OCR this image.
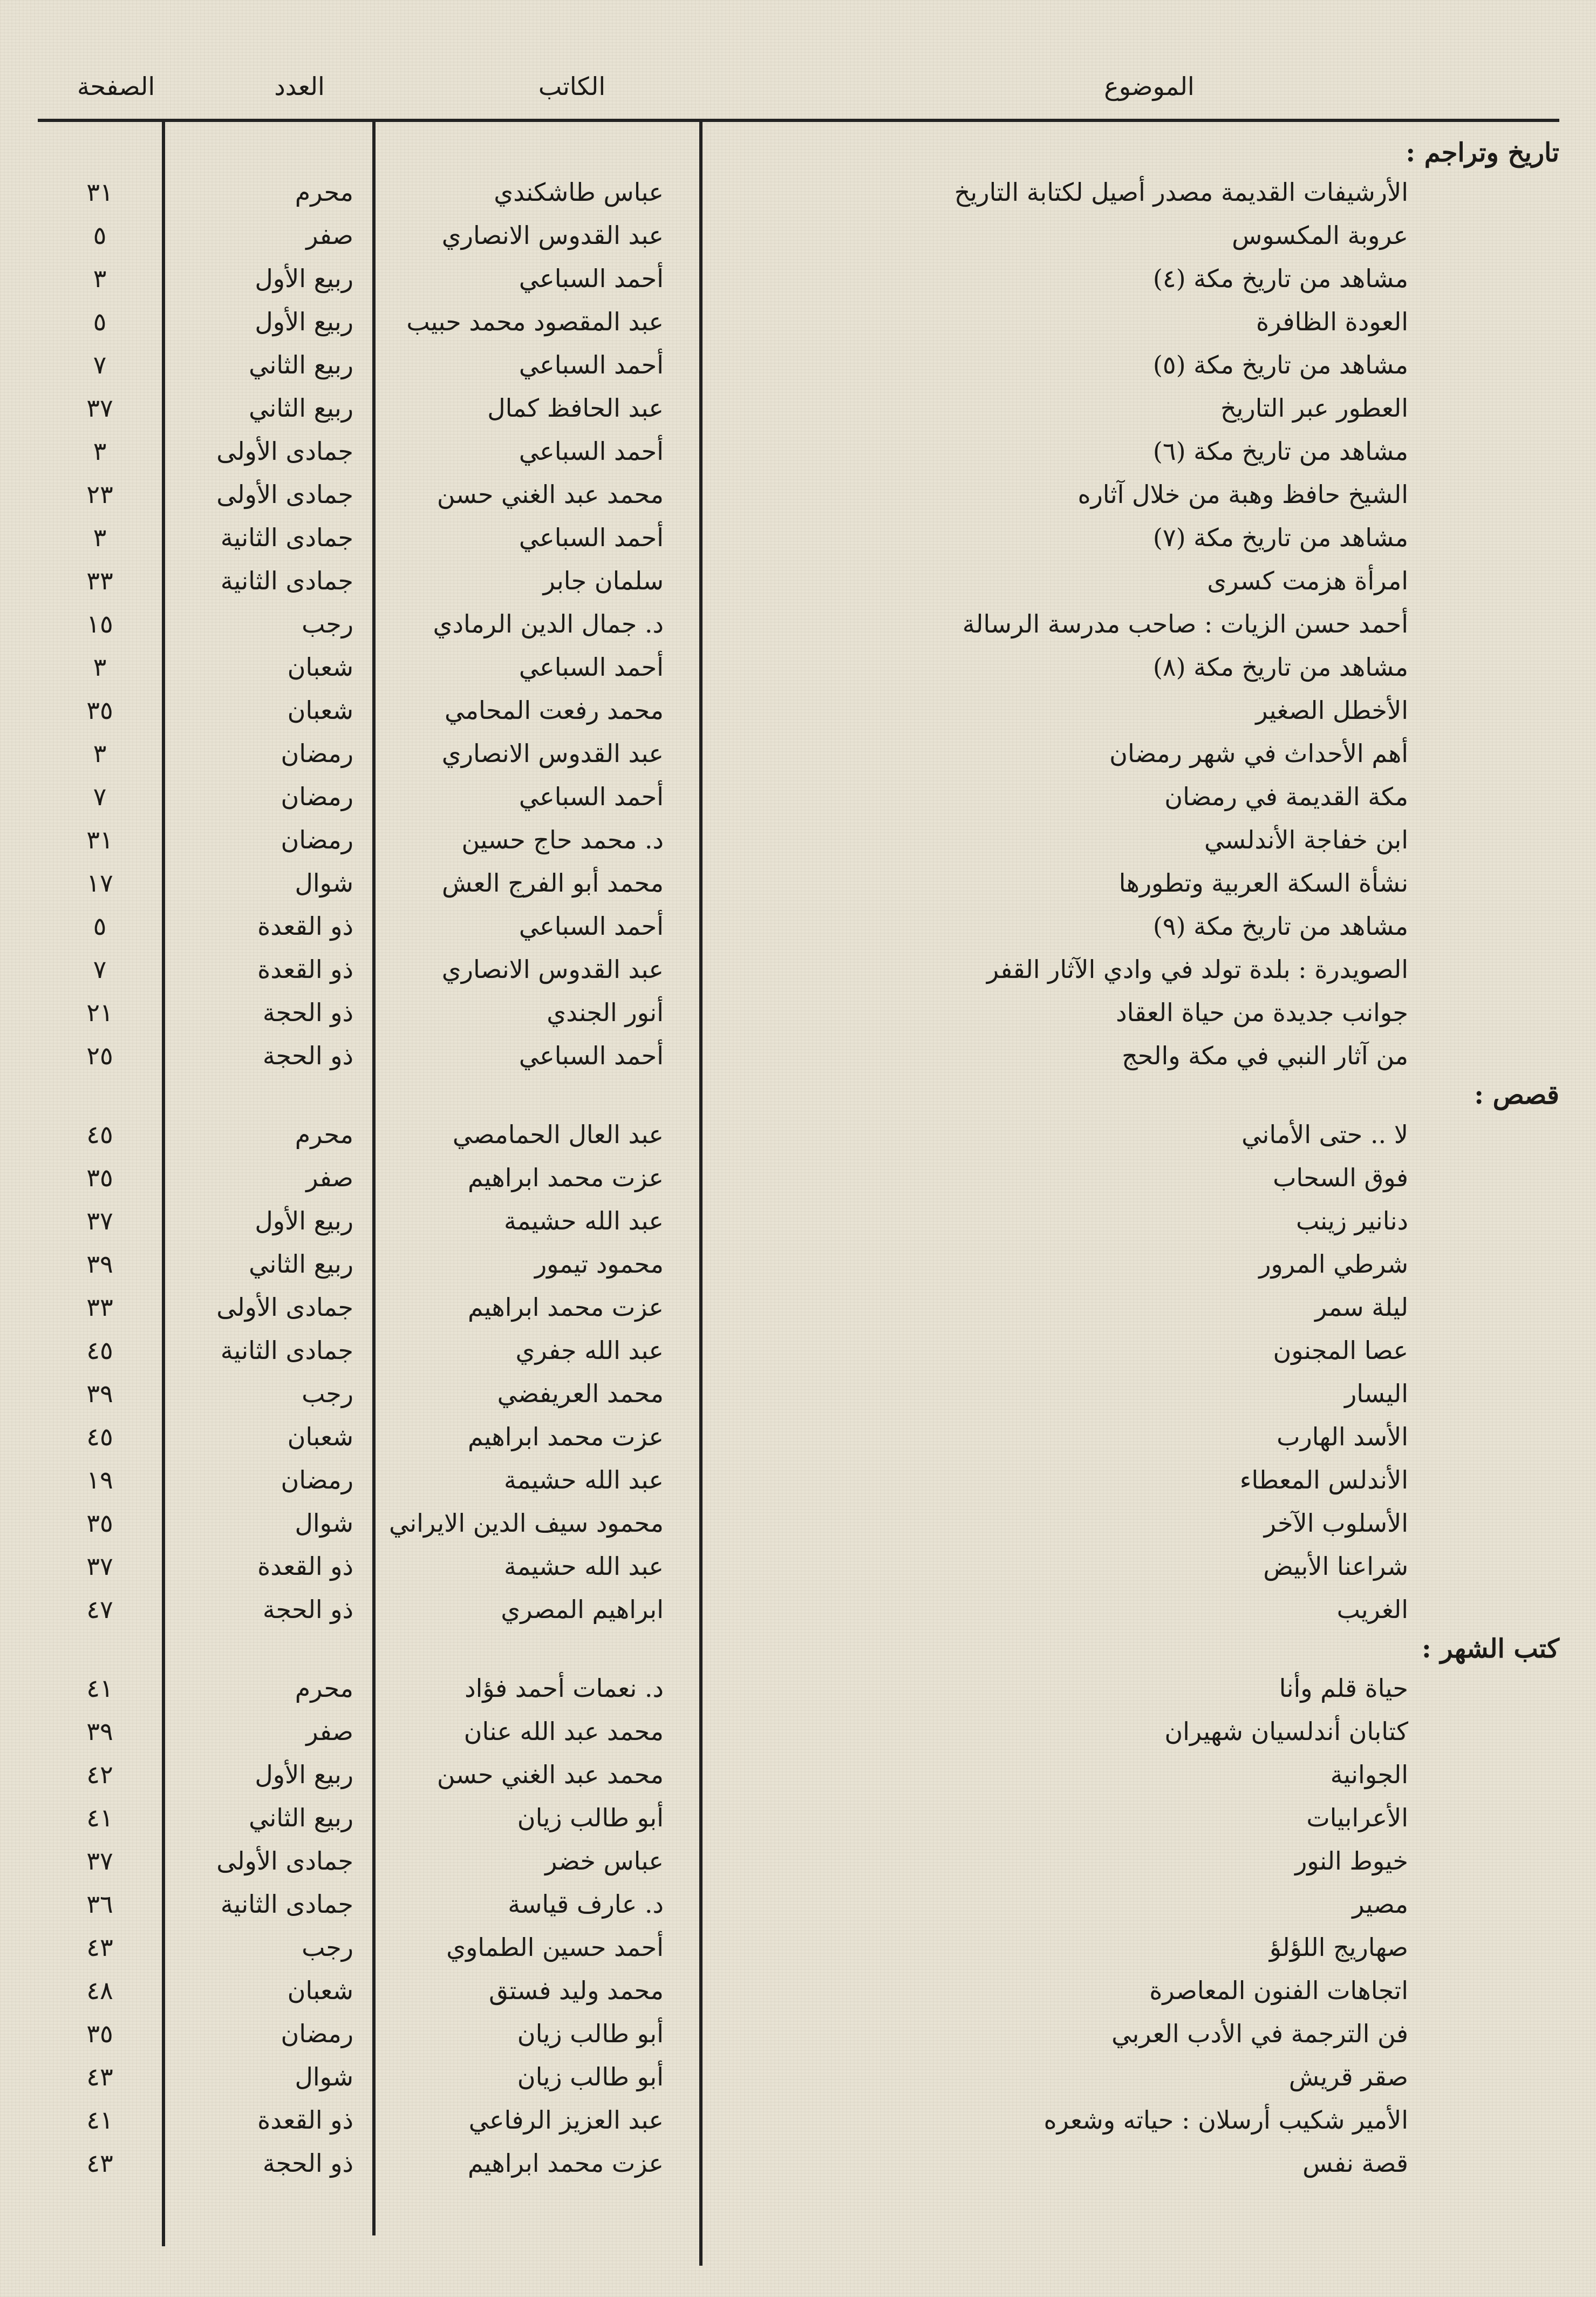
الموضوع
الكاتب
العدد
الصفحة
تاريخ وتراجم :
الأرشيفات القديمة مصدر أصيل لكتابة التاريخ
عروبة المكسوس
مشاهد من تاريخ مكة (٤)
العودة الظافرة
مشاهد من تاريخ مكة (٥)
العطور عبر التاريخ
مشاهد من تاريخ مكة (٦)
الشيخ حافظ وهبة من خلال آثاره
مشاهد من تاريخ مكة (٧)
امرأة هزمت كسرى
أحمد حسن الزيات : صاحب مدرسة الرسالة
مشاهد من تاريخ مكة (٨)
الأخطل الصغير
أهم الأحداث في شهر رمضان
مكة القديمة في رمضان
ابن خفاجة الأندلسي
نشأة السكة العربية وتطورها
مشاهد من تاريخ مكة (٩)
الصويدرة : بلدة تولد في وادي الآثار القفر
جوانب جديدة من حياة العقاد
من آثار النبي في مكة والحج
قصص :
لا .. حتى الأماني
فوق السحاب
دنانير زينب
شرطي المرور
ليلة سمر
عصا المجنون
اليسار
الأسد الهارب
الأندلس المعطاء
الأسلوب الآخر
شراعنا الأبيض
الغريب
كتب الشهر :
حياة قلم وأنا
كتابان أندلسيان شهيران
الجوانية
الأعرابيات
خيوط النور
مصير
صهاريج اللؤلؤ
اتجاهات الفنون المعاصرة
فن الترجمة في الأدب العربي
صقر قريش
الأمير شكيب أرسلان : حياته وشعره
قصة نفس
عباس طاشكندي
عبد القدوس الانصاري
أحمد السباعي
عبد المقصود محمد حبيب
أحمد السباعي
عبد الحافظ كمال
أحمد السباعي
محمد عبد الغني حسن
أحمد السباعي
سلمان جابر
د. جمال الدين الرمادي
أحمد السباعي
محمد رفعت المحامي
عبد القدوس الانصاري
أحمد السباعي
د. محمد حاج حسين
محمد أبو الفرج العش
أحمد السباعي
عبد القدوس الانصاري
أنور الجندي
أحمد السباعي
عبد العال الحمامصي
عزت محمد ابراهيم
عبد الله حشيمة
محمود تيمور
عزت محمد ابراهيم
عبد الله جفري
محمد العريفضي
عزت محمد ابراهيم
عبد الله حشيمة
محمود سيف الدين الايراني
عبد الله حشيمة
ابراهيم المصري
د. نعمات أحمد فؤاد
محمد عبد الله عنان
محمد عبد الغني حسن
أبو طالب زيان
عباس خضر
د. عارف قياسة
أحمد حسين الطماوي
محمد وليد فستق
أبو طالب زيان
أبو طالب زيان
عبد العزيز الرفاعي
عزت محمد ابراهيم
محرم
صفر
ربيع الأول
ربيع الأول
ربيع الثاني
ربيع الثاني
جمادى الأولى
جمادى الأولى
جمادى الثانية
جمادى الثانية
رجب
شعبان
شعبان
رمضان
رمضان
رمضان
شوال
ذو القعدة
ذو القعدة
ذو الحجة
ذو الحجة
محرم
صفر
ربيع الأول
ربيع الثاني
جمادى الأولى
جمادى الثانية
رجب
شعبان
رمضان
شوال
ذو القعدة
ذو الحجة
محرم
صفر
ربيع الأول
ربيع الثاني
جمادى الأولى
جمادى الثانية
رجب
شعبان
رمضان
شوال
ذو القعدة
ذو الحجة
٣١
٥
٣
٥
٧
٣٧
٣
٢٣
٣
٣٣
١٥
٣
٣٥
٣
٧
٣١
١٧
٥
٧
٢١
٢٥
٤٥
٣٥
٣٧
٣٩
٣٣
٤٥
٣٩
٤٥
١٩
٣٥
٣٧
٤٧
٤١
٣٩
٤٢
٤١
٣٧
٣٦
٤٣
٤٨
٣٥
٤٣
٤١
٤٣
